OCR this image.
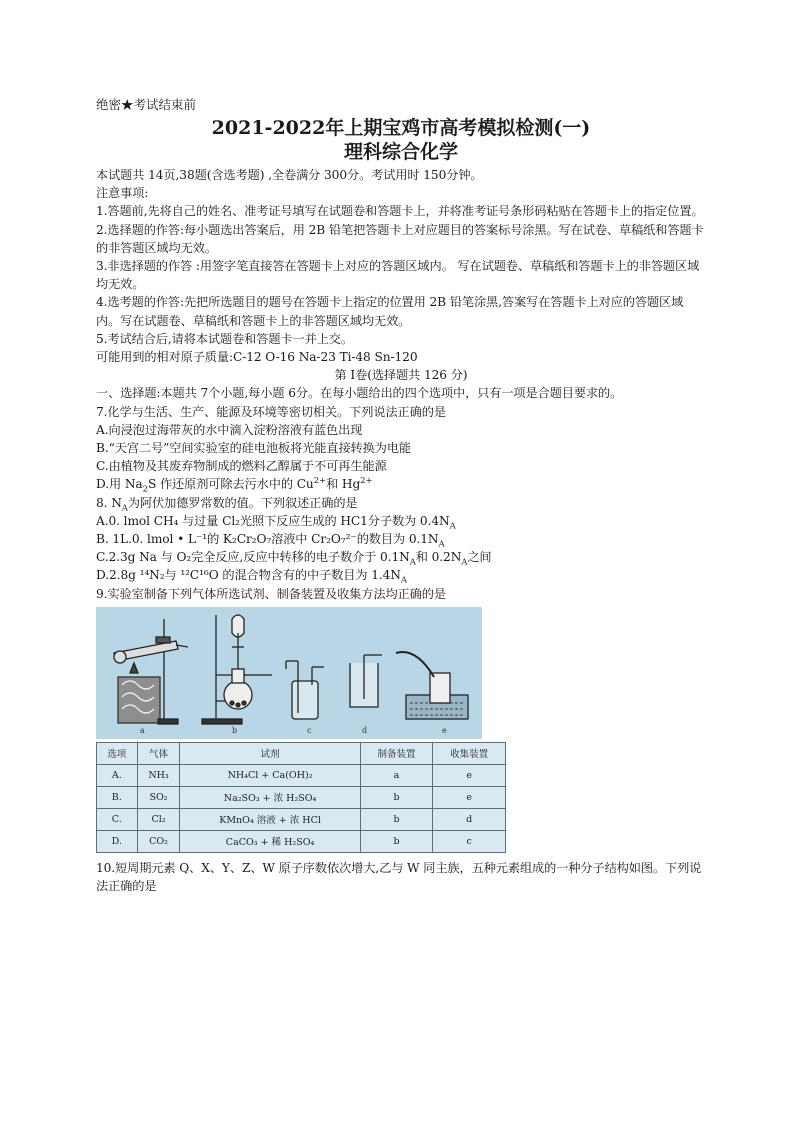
绝密★考试结束前
2021-2022年上期宝鸡市高考模拟检测(一)
理科综合化学
本试题共 14页,38题(含选考题) ,全卷满分 300分。考试用时 150分钟。
注意事项:
1.答题前,先将自己的姓名、准考证号填写在试题卷和答题卡上，并将准考证号条形码粘贴在答题卡上的指定位置。
2.选择题的作答:每小题选出答案后，用 2B 铅笔把答题卡上对应题目的答案标号涂黑。写在试卷、草稿纸和答题卡的非答题区域均无效。
3.非选择题的作答 :用签字笔直接答在答题卡上对应的答题区域内。 写在试题卷、草稿纸和答题卡上的非答题区域均无效。
4.选考题的作答:先把所选题目的题号在答题卡上指定的位置用 2B 铅笔涂黑,答案写在答题卡上对应的答题区域内。写在试题卷、草稿纸和答题卡上的非答题区域均无效。
5.考试结合后,请将本试题卷和答题卡一并上交。
可能用到的相对原子质量:C-12 O-16 Na-23 Ti-48 Sn-120
第 I卷(选择题共 126 分)
一、选择题:本题共 7个小题,每小题 6分。在每小题给出的四个选项中，只有一项是合题目要求的。
7.化学与生活、生产、能源及环境等密切相关。下列说法正确的是
A.向浸泡过海带灰的水中滴入淀粉溶液有蓝色出现
B.“天宫二号”空间实验室的硅电池板将光能直接转换为电能
C.由植物及其废弃物制成的燃料乙醇属于不可再生能源
D.用 $Na_2S$ 作还原剂可除去污水中的 $Cu^{2+}$和 $Hg^{2+}$
8. $N_A$为阿伏加德罗常数的值。下列叙述正确的是
A.0. lmol CH₄ 与过量 Cl₂光照下反应生成的 HC1分子数为 $0.4N_A$
B. 1L.0. lmol • L⁻¹的 K₂Cr₂O₇溶液中 Cr₂O₇²⁻的数目为 $0.1N_A$
C.2.3g Na 与 O₂完全反应,反应中转移的电子数介于 $0.1N_A$和 $0.2N_A$之间
D.2.8g ¹⁴N₂与 ¹²C¹⁶O 的混合物含有的中子数目为 $1.4N_A$
9.实验室制备下列气体所选试剂、制备装置及收集方法均正确的是
a	b	c	d	e
选项	气体	试剂	制备装置	收集装置
A.	NH₃	NH₄Cl + Ca(OH)₂	a	e
B.	SO₂	Na₂SO₃ + 浓 H₂SO₄	b	e
C.	Cl₂	KMnO₄ 溶液 + 浓 HCl	b	d
D.	CO₂	CaCO₃ + 稀 H₂SO₄	b	c
10.短周期元素 Q、X、Y、Z、W 原子序数依次增大,乙与 W 同主族，五种元素组成的一种分子结构如图。下列说法正确的是
